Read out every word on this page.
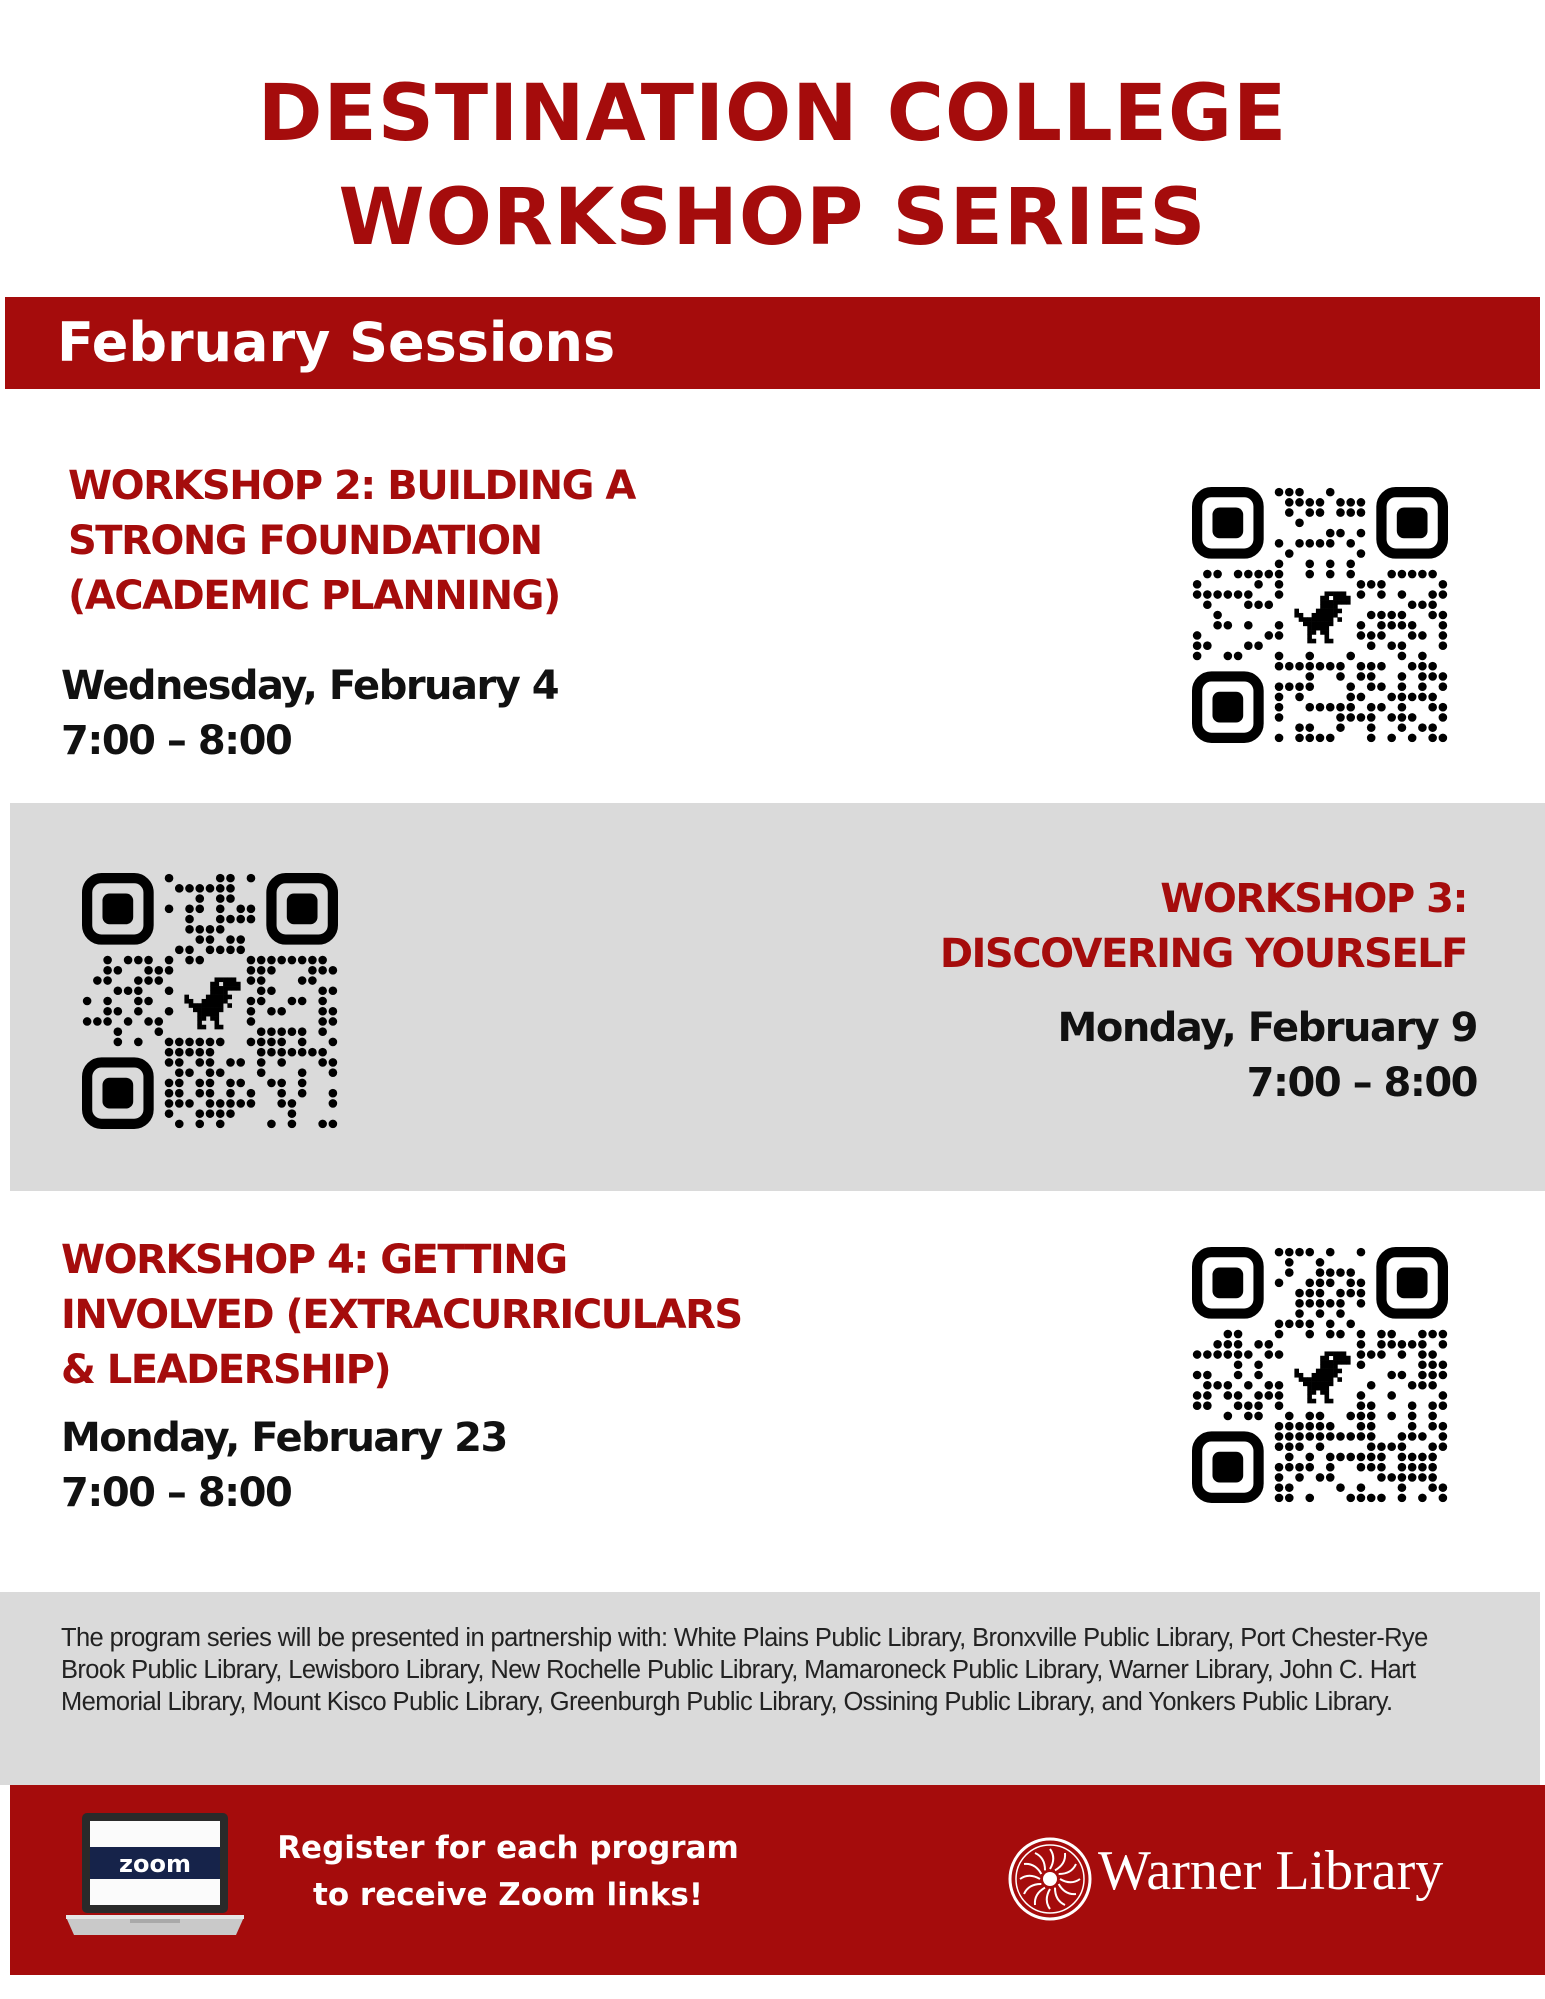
DESTINATION COLLEGE
WORKSHOP SERIES
February Sessions
WORKSHOP 2: BUILDING A
STRONG FOUNDATION
(ACADEMIC PLANNING)
Wednesday, February 4
7:00 – 8:00
WORKSHOP 3:
DISCOVERING YOURSELF
Monday, February 9
7:00 – 8:00
WORKSHOP 4: GETTING
INVOLVED (EXTRACURRICULARS
& LEADERSHIP)
Monday, February 23
7:00 – 8:00
The program series will be presented in partnership with: White Plains Public Library, Bronxville Public Library, Port Chester-Rye Brook Public Library, Lewisboro Library, New Rochelle Public Library, Mamaroneck Public Library, Warner Library, John C. Hart Memorial Library, Mount Kisco Public Library, Greenburgh Public Library, Ossining Public Library, and Yonkers Public Library.
zoom	Register for each program
to receive Zoom links!	Warner Library
